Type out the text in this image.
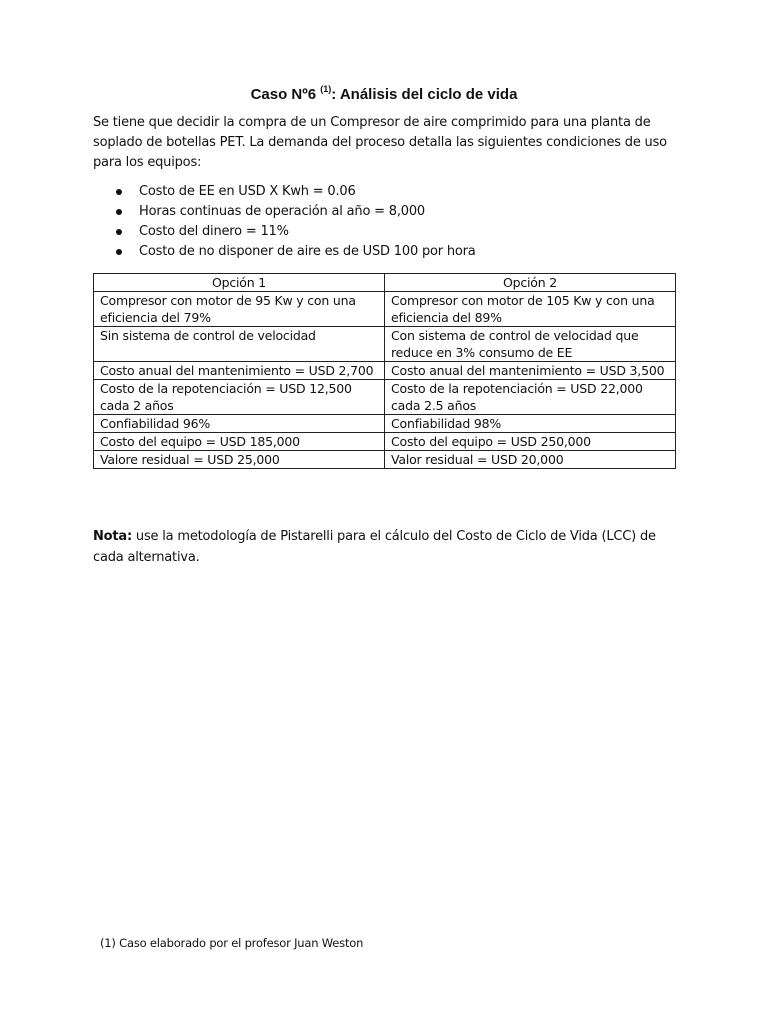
Caso Nº6 $^{(1)}$: Análisis del ciclo de vida
Se tiene que decidir la compra de un Compresor de aire comprimido para una planta de soplado de botellas PET. La demanda del proceso detalla las siguientes condiciones de uso para los equipos:
Costo de EE en USD X Kwh = 0.06
Horas continuas de operación al año = 8,000
Costo del dinero = 11%
Costo de no disponer de aire es de USD 100 por hora
Opción 1	Opción 2
Compresor con motor de 95 Kw y con una eficiencia del 79%	Compresor con motor de 105 Kw y con una eficiencia del 89%
Sin sistema de control de velocidad	Con sistema de control de velocidad que reduce en 3% consumo de EE
Costo anual del mantenimiento = USD 2,700	Costo anual del mantenimiento = USD 3,500
Costo de la repotenciación = USD 12,500 cada 2 años	Costo de la repotenciación = USD 22,000 cada 2.5 años
Confiabilidad 96%	Confiabilidad 98%
Costo del equipo = USD 185,000	Costo del equipo = USD 250,000
Valore residual = USD 25,000	Valor residual = USD 20,000
Nota: use la metodología de Pistarelli para el cálculo del Costo de Ciclo de Vida (LCC) de cada alternativa.
(1) Caso elaborado por el profesor Juan Weston
